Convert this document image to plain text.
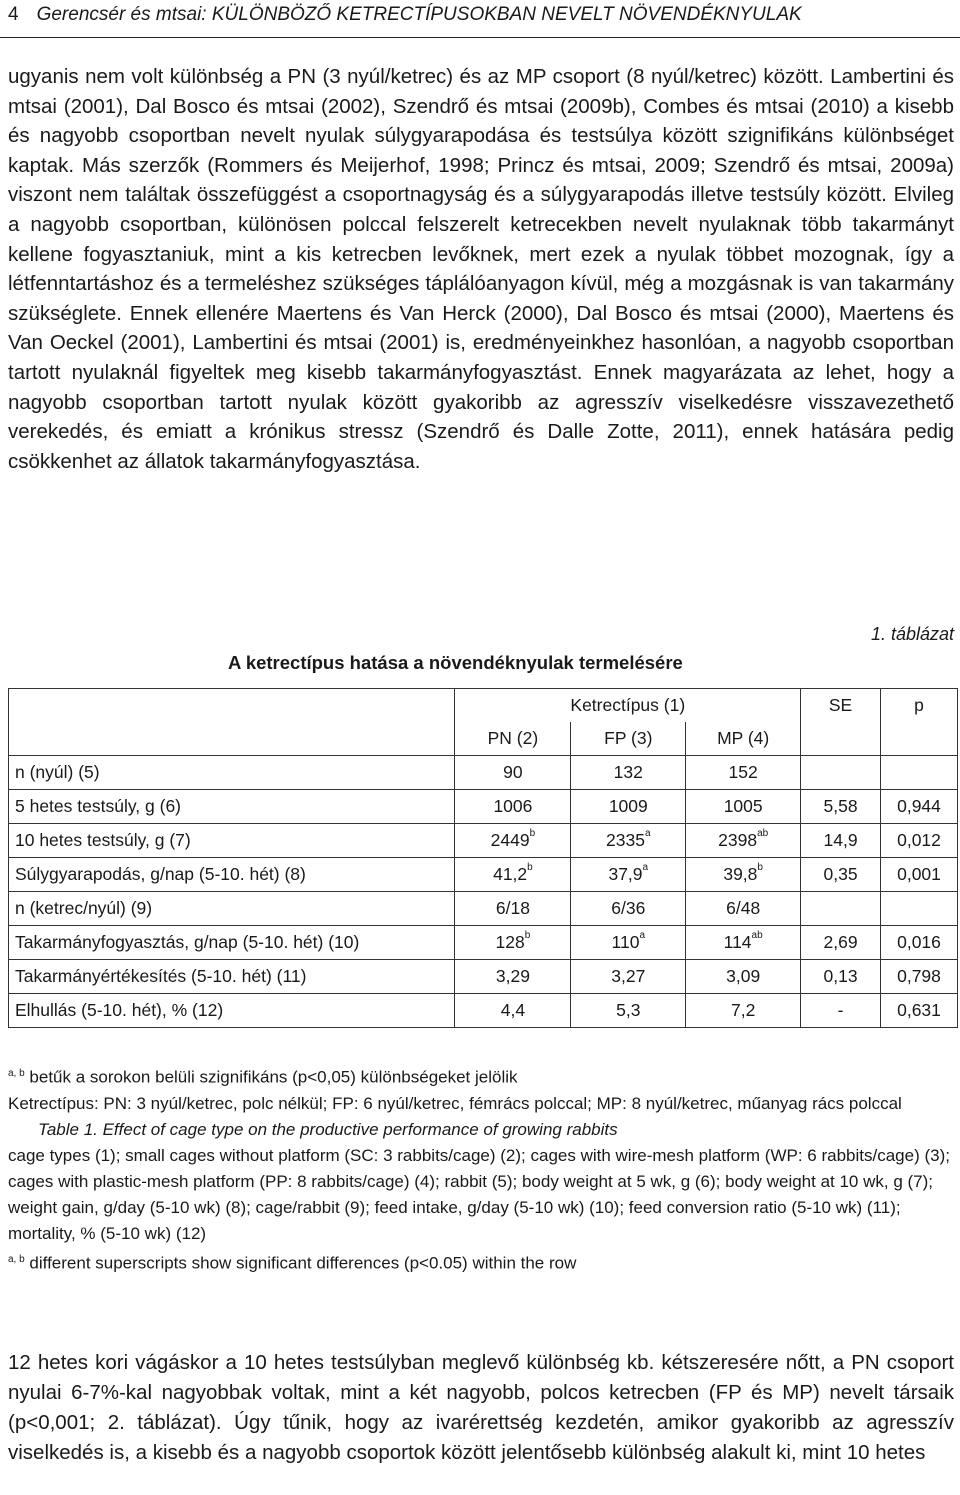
4 Gerencsér és mtsai: KÜLÖNBÖZŐ KETRECTÍPUSOKBAN NEVELT NÖVENDÉKNYULAK

ugyanis nem volt különbség a PN (3 nyúl/ketrec) és az MP csoport (8 nyúl/ketrec) között. Lambertini és mtsai (2001), Dal Bosco és mtsai (2002), Szendrő és mtsai (2009b), Combes és mtsai (2010) a kisebb és nagyobb csoportban nevelt nyulak súlygyarapodása és testsúlya között szignifikáns különbséget kaptak. Más szerzők (Rommers és Meijerhof, 1998; Princz és mtsai, 2009; Szendrő és mtsai, 2009a) viszont nem találtak összefüggést a csoportnagyság és a súlygyarapodás illetve testsúly között. Elvileg a nagyobb csoportban, különösen polccal felszerelt ketrecekben nevelt nyulaknak több takarmányt kellene fogyasztaniuk, mint a kis ketrecben levőknek, mert ezek a nyulak többet mozognak, így a létfenntartáshoz és a termeléshez szükséges táplálóanyagon kívül, még a mozgásnak is van takarmány szükséglete. Ennek ellenére Maertens és Van Herck (2000), Dal Bosco és mtsai (2000), Maertens és Van Oeckel (2001), Lambertini és mtsai (2001) is, eredményeinkhez hasonlóan, a nagyobb csoportban tartott nyulaknál figyeltek meg kisebb takarmányfogyasztást. Ennek magyarázata az lehet, hogy a nagyobb csoportban tartott nyulak között gyakoribb az agresszív viselkedésre visszavezethető verekedés, és emiatt a krónikus stressz (Szendrő és Dalle Zotte, 2011), ennek hatására pedig csökkenhet az állatok takarmányfogyasztása.

1. táblázat
A ketrectípus hatása a növendéknyulak termelésére
	Ketrectípus (1)			SE	p
	PN (2)	FP (3)	MP (4)		
n (nyúl) (5)	90	132	152		
5 hetes testsúly, g (6)	1006	1009	1005	5,58	0,944
10 hetes testsúly, g (7)	2449$^b$	2335$^a$	$2398^{ab}$	14,9	0,012
Súlygyarapodás, g/nap (5-10. hét) (8)	41,2$^b$	37,9$^a$	39,8$^b$	0,35	0,001
n (ketrec/nyúl) (9)	6/18	6/36	6/48		
Takarmányfogyasztás, g/nap (5-10. hét) (10)	128$^b$	110$^a$	$114^{ab}$	2,69	0,016
Takarmányértékesítés (5-10. hét) (11)	3,29	3,27	3,09	0,13	0,798
Elhullás (5-10. hét), % (12)	4,4	5,3	7,2	-	0,631
$^{a, b}$ betűk a sorokon belüli szignifikáns (p<0,05) különbségeket jelölik
Ketrectípus: PN: 3 nyúl/ketrec, polc nélkül; FP: 6 nyúl/ketrec, fémrács polccal; MP: 8 nyúl/ketrec, műanyag rács polccal
Table 1. Effect of cage type on the productive performance of growing rabbits
cage types (1); small cages without platform (SC: 3 rabbits/cage) (2); cages with wire-mesh platform (WP: 6 rabbits/cage) (3); cages with plastic-mesh platform (PP: 8 rabbits/cage) (4); rabbit (5); body weight at 5 wk, g (6); body weight at 10 wk, g (7); weight gain, g/day (5-10 wk) (8); cage/rabbit (9); feed intake, g/day (5-10 wk) (10); feed conversion ratio (5-10 wk) (11); mortality, % (5-10 wk) (12)
$^{a, b}$ different superscripts show significant differences (p<0.05) within the row
12 hetes kori vágáskor a 10 hetes testsúlyban meglevő különbség kb. kétszeresére nőtt, a PN csoport nyulai 6-7%-kal nagyobbak voltak, mint a két nagyobb, polcos ketrecben (FP és MP) nevelt társaik (p<0,001; 2. táblázat). Úgy tűnik, hogy az ivarérettség kezdetén, amikor gyakoribb az agresszív viselkedés is, a kisebb és a nagyobb csoportok között jelentősebb különbség alakult ki, mint 10 hetes
